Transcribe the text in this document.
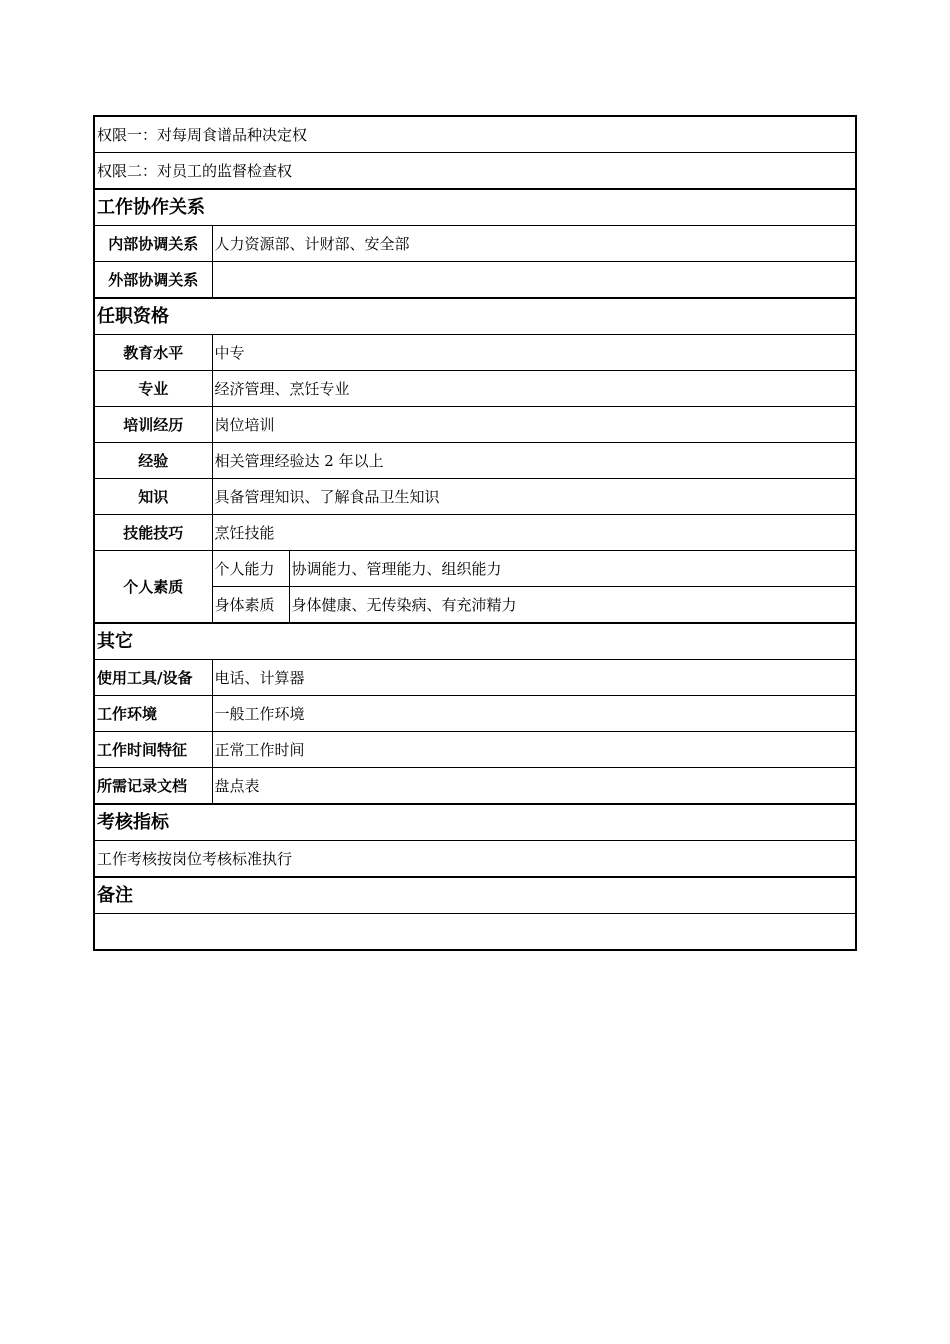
权限一：对每周食谱品种决定权		
权限二：对员工的监督检查权		
工作协作关系		
内部协调关系	人力资源部、计财部、安全部	
外部协调关系		
任职资格		
教育水平	中专	
专业	经济管理、烹饪专业	
培训经历	岗位培训	
经验	相关管理经验达 2 年以上	
知识	具备管理知识、了解食品卫生知识	
技能技巧	烹饪技能	
个人素质	个人能力	协调能力、管理能力、组织能力
	身体素质	身体健康、无传染病、有充沛精力
其它		
使用工具/设备	电话、计算器	
工作环境	一般工作环境	
工作时间特征	正常工作时间	
所需记录文档	盘点表	
考核指标		
工作考核按岗位考核标准执行		
备注		
